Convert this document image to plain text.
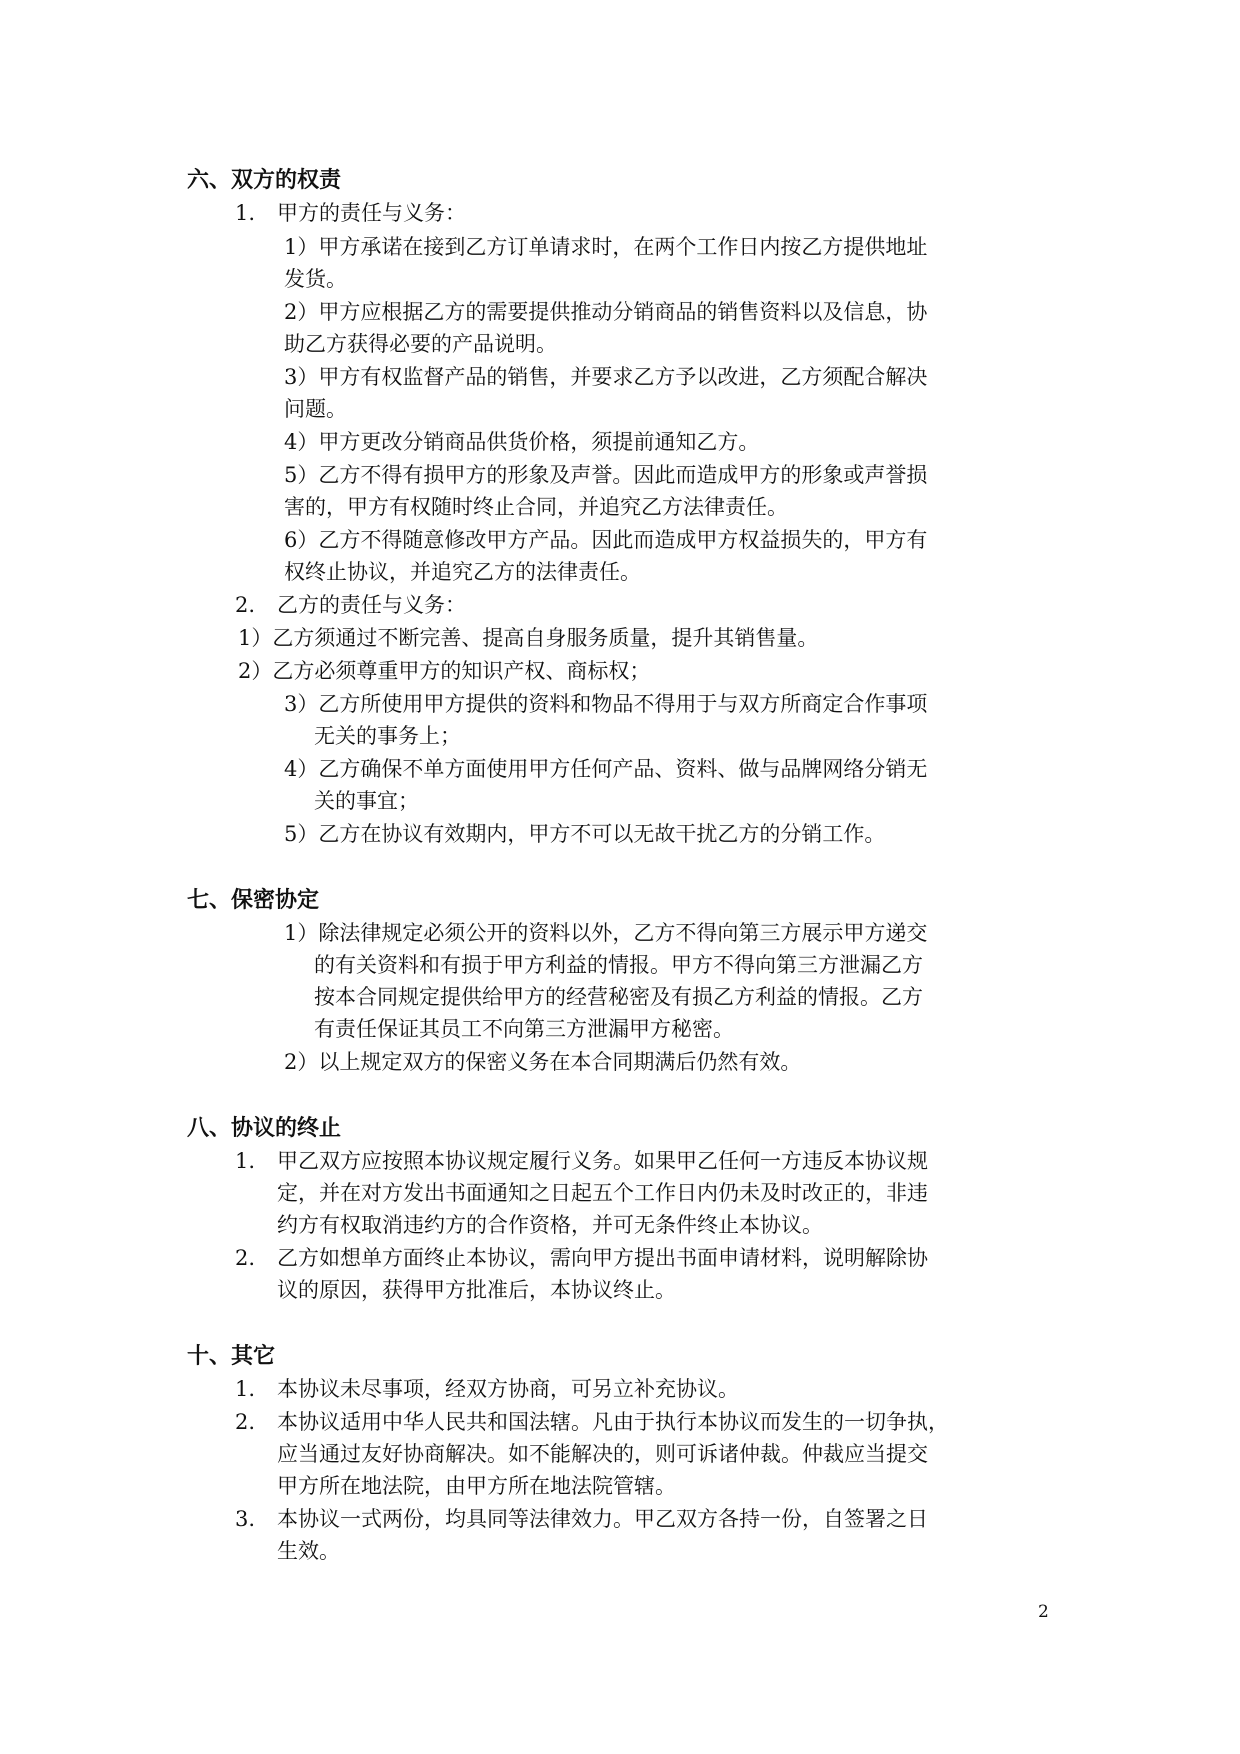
六、双方的权责
1. 甲方的责任与义务：
1）甲方承诺在接到乙方订单请求时，在两个工作日内按乙方提供地址
发货。
2）甲方应根据乙方的需要提供推动分销商品的销售资料以及信息，协
助乙方获得必要的产品说明。
3）甲方有权监督产品的销售，并要求乙方予以改进，乙方须配合解决
问题。
4）甲方更改分销商品供货价格，须提前通知乙方。
5）乙方不得有损甲方的形象及声誉。因此而造成甲方的形象或声誉损
害的，甲方有权随时终止合同，并追究乙方法律责任。
6）乙方不得随意修改甲方产品。因此而造成甲方权益损失的，甲方有
权终止协议，并追究乙方的法律责任。
2. 乙方的责任与义务：
1）乙方须通过不断完善、提高自身服务质量，提升其销售量。
2）乙方必须尊重甲方的知识产权、商标权；
3）乙方所使用甲方提供的资料和物品不得用于与双方所商定合作事项
无关的事务上；
4）乙方确保不单方面使用甲方任何产品、资料、做与品牌网络分销无
关的事宜；
5）乙方在协议有效期内，甲方不可以无故干扰乙方的分销工作。
七、保密协定
1）除法律规定必须公开的资料以外，乙方不得向第三方展示甲方递交
的有关资料和有损于甲方利益的情报。甲方不得向第三方泄漏乙方
按本合同规定提供给甲方的经营秘密及有损乙方利益的情报。乙方
有责任保证其员工不向第三方泄漏甲方秘密。
2）以上规定双方的保密义务在本合同期满后仍然有效。
八、协议的终止
1. 甲乙双方应按照本协议规定履行义务。如果甲乙任何一方违反本协议规
定，并在对方发出书面通知之日起五个工作日内仍未及时改正的，非违
约方有权取消违约方的合作资格，并可无条件终止本协议。
2. 乙方如想单方面终止本协议，需向甲方提出书面申请材料，说明解除协
议的原因，获得甲方批准后，本协议终止。
十、其它
1. 本协议未尽事项，经双方协商，可另立补充协议。
2. 本协议适用中华人民共和国法辖。凡由于执行本协议而发生的一切争执，
应当通过友好协商解决。如不能解决的，则可诉诸仲裁。仲裁应当提交
甲方所在地法院，由甲方所在地法院管辖。
3. 本协议一式两份，均具同等法律效力。甲乙双方各持一份，自签署之日
生效。
2
